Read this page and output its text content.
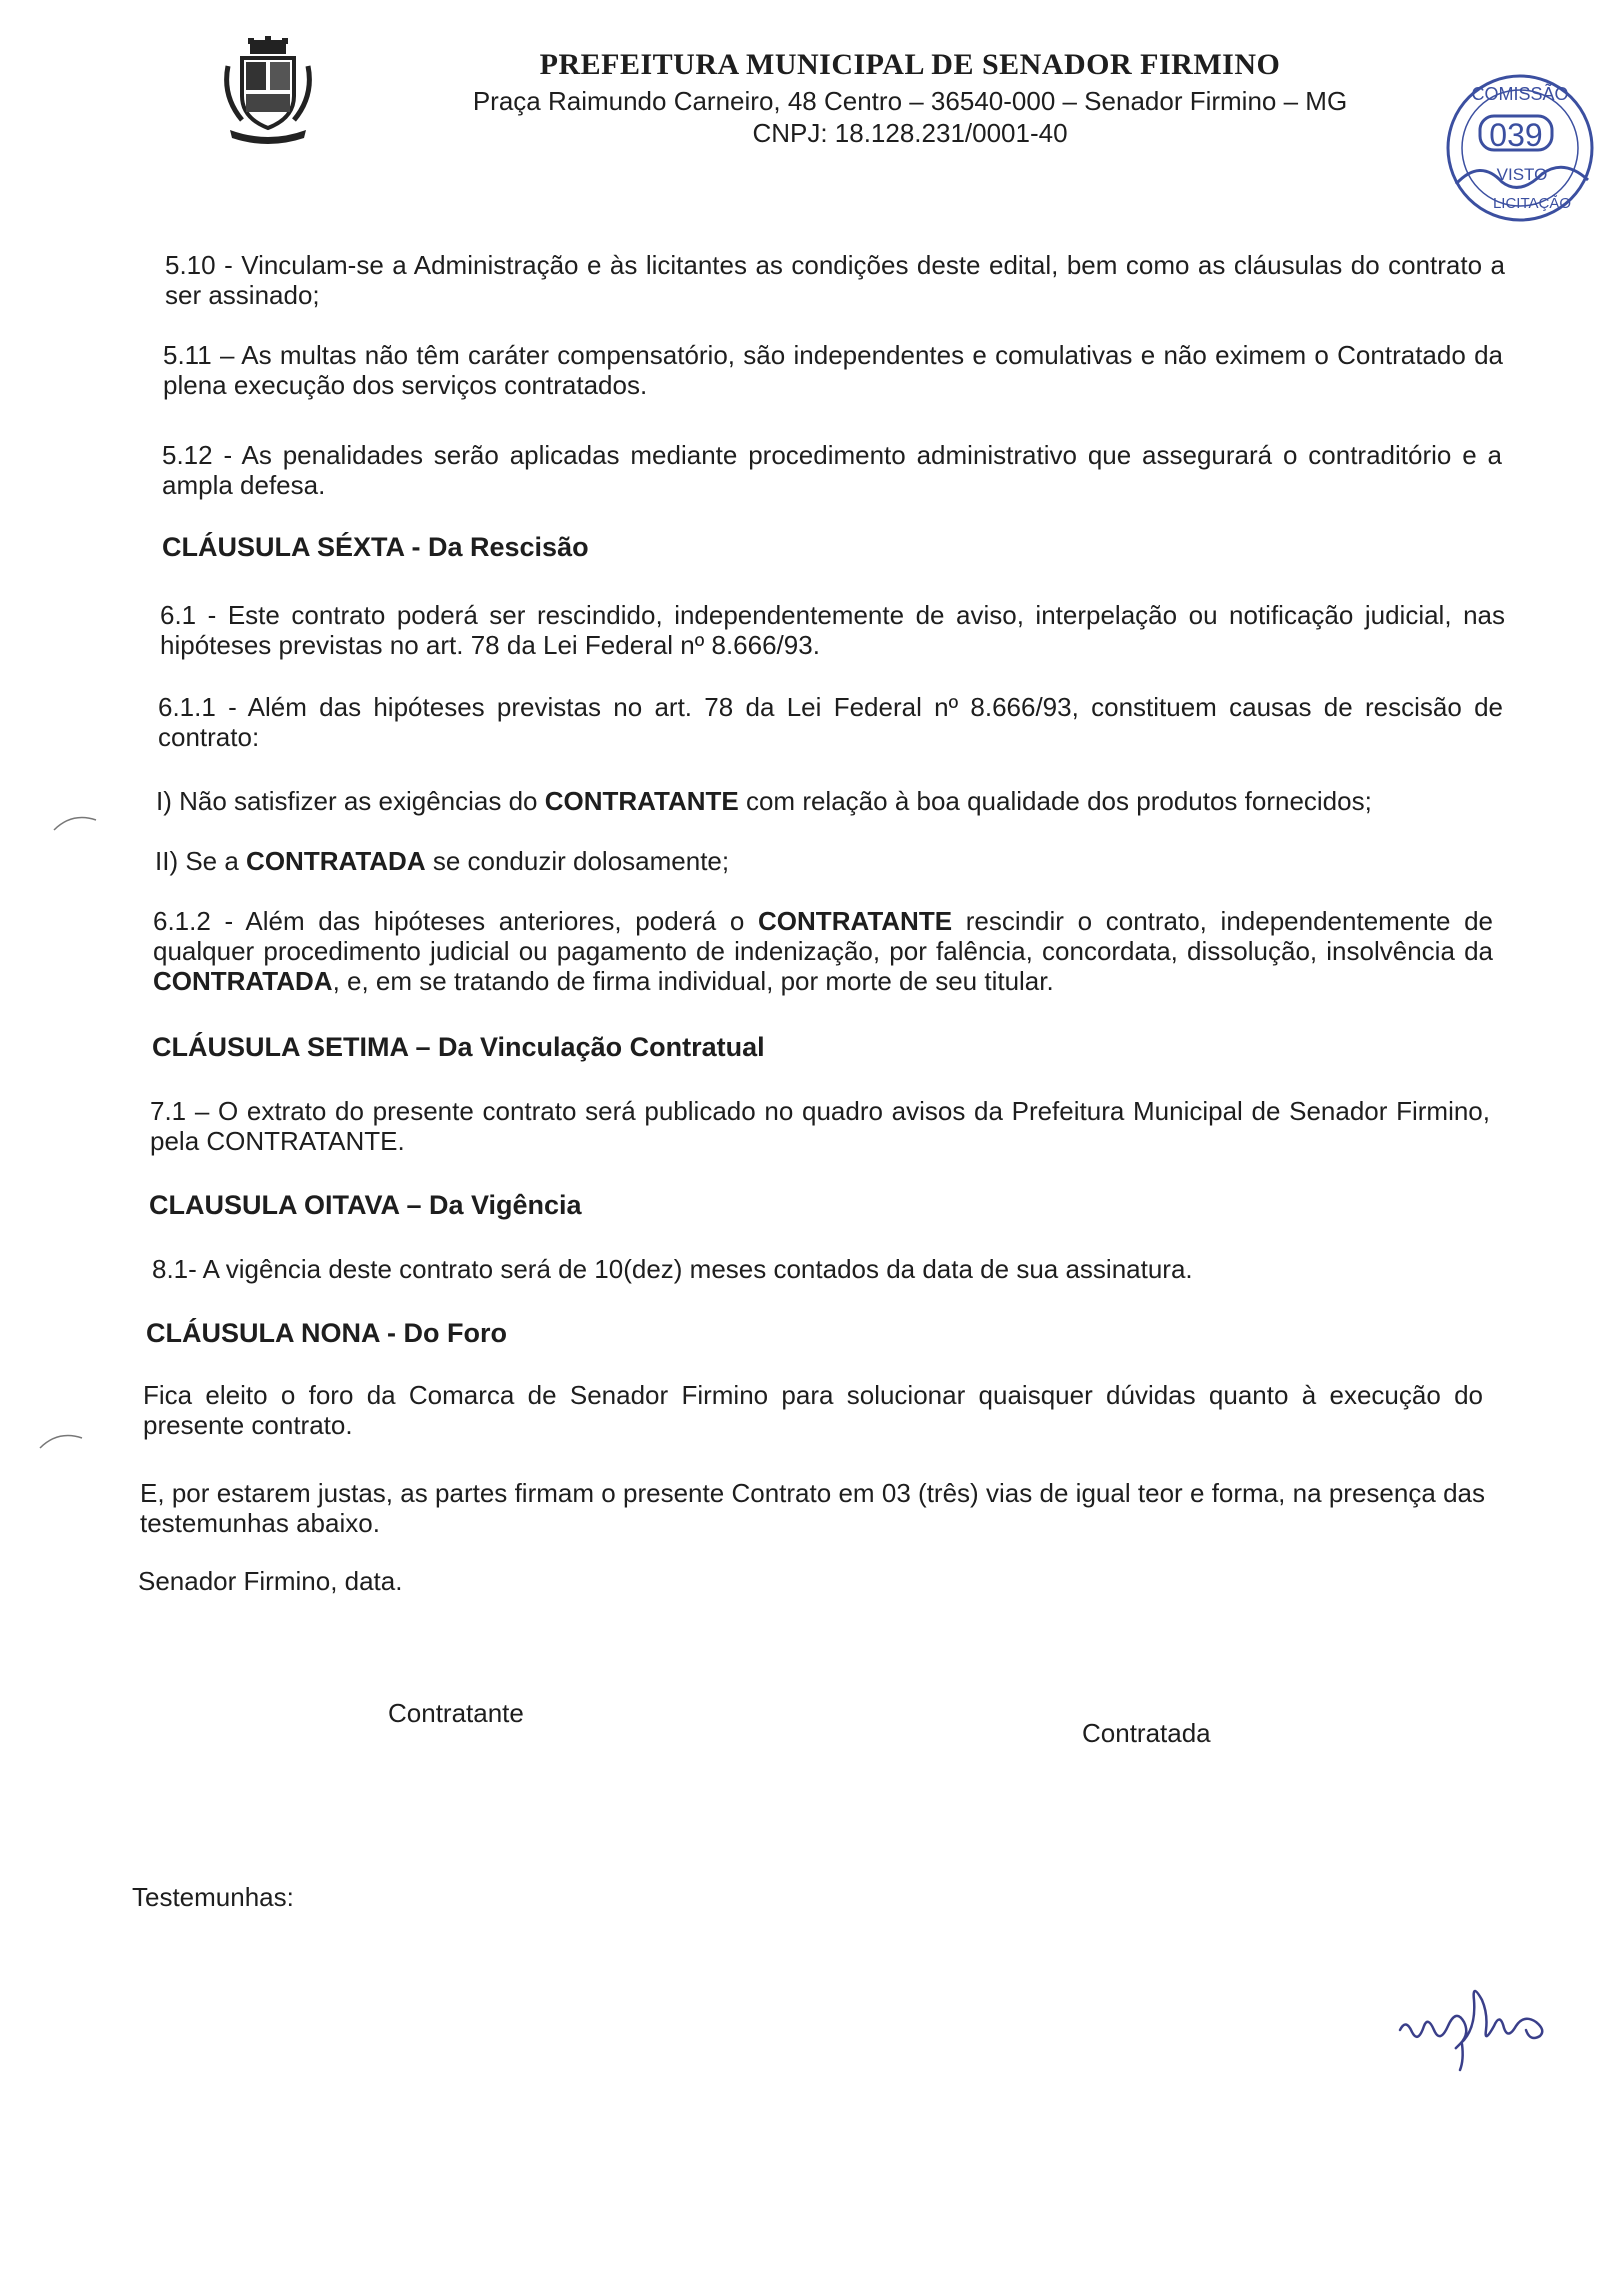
PREFEITURA MUNICIPAL DE SENADOR FIRMINO
Praça Raimundo Carneiro, 48 Centro – 36540-000 – Senador Firmino – MG
CNPJ: 18.128.231/0001-40
COMISSÃO
039
VISTO
LICITAÇÃO

5.10 - Vinculam-se a Administração e às licitantes as condições deste edital, bem como as cláusulas do contrato a ser assinado;

5.11 – As multas não têm caráter compensatório, são independentes e comulativas e não eximem o Contratado da plena execução dos serviços contratados.

5.12 - As penalidades serão aplicadas mediante procedimento administrativo que assegurará o contraditório e a ampla defesa.

CLÁUSULA SÉXTA - Da Rescisão

6.1 - Este contrato poderá ser rescindido, independentemente de aviso, interpelação ou notificação judicial, nas hipóteses previstas no art. 78 da Lei Federal nº 8.666/93.

6.1.1 - Além das hipóteses previstas no art. 78 da Lei Federal nº 8.666/93, constituem causas de rescisão de contrato:

I) Não satisfizer as exigências do CONTRATANTE com relação à boa qualidade dos produtos fornecidos;

II) Se a CONTRATADA se conduzir dolosamente;

6.1.2 - Além das hipóteses anteriores, poderá o CONTRATANTE rescindir o contrato, independentemente de qualquer procedimento judicial ou pagamento de indenização, por falência, concordata, dissolução, insolvência da CONTRATADA, e, em se tratando de firma individual, por morte de seu titular.

CLÁUSULA SETIMA – Da Vinculação Contratual

7.1 – O extrato do presente contrato será publicado no quadro avisos da Prefeitura Municipal de Senador Firmino, pela CONTRATANTE.

CLAUSULA OITAVA – Da Vigência

8.1- A vigência deste contrato será de 10(dez) meses contados da data de sua assinatura.

CLÁUSULA NONA - Do Foro

Fica eleito o foro da Comarca de Senador Firmino para solucionar quaisquer dúvidas quanto à execução do presente contrato.

E, por estarem justas, as partes firmam o presente Contrato em 03 (três) vias de igual teor e forma, na presença das testemunhas abaixo.

Senador Firmino, data.

Contratante
Contratada
Testemunhas:
